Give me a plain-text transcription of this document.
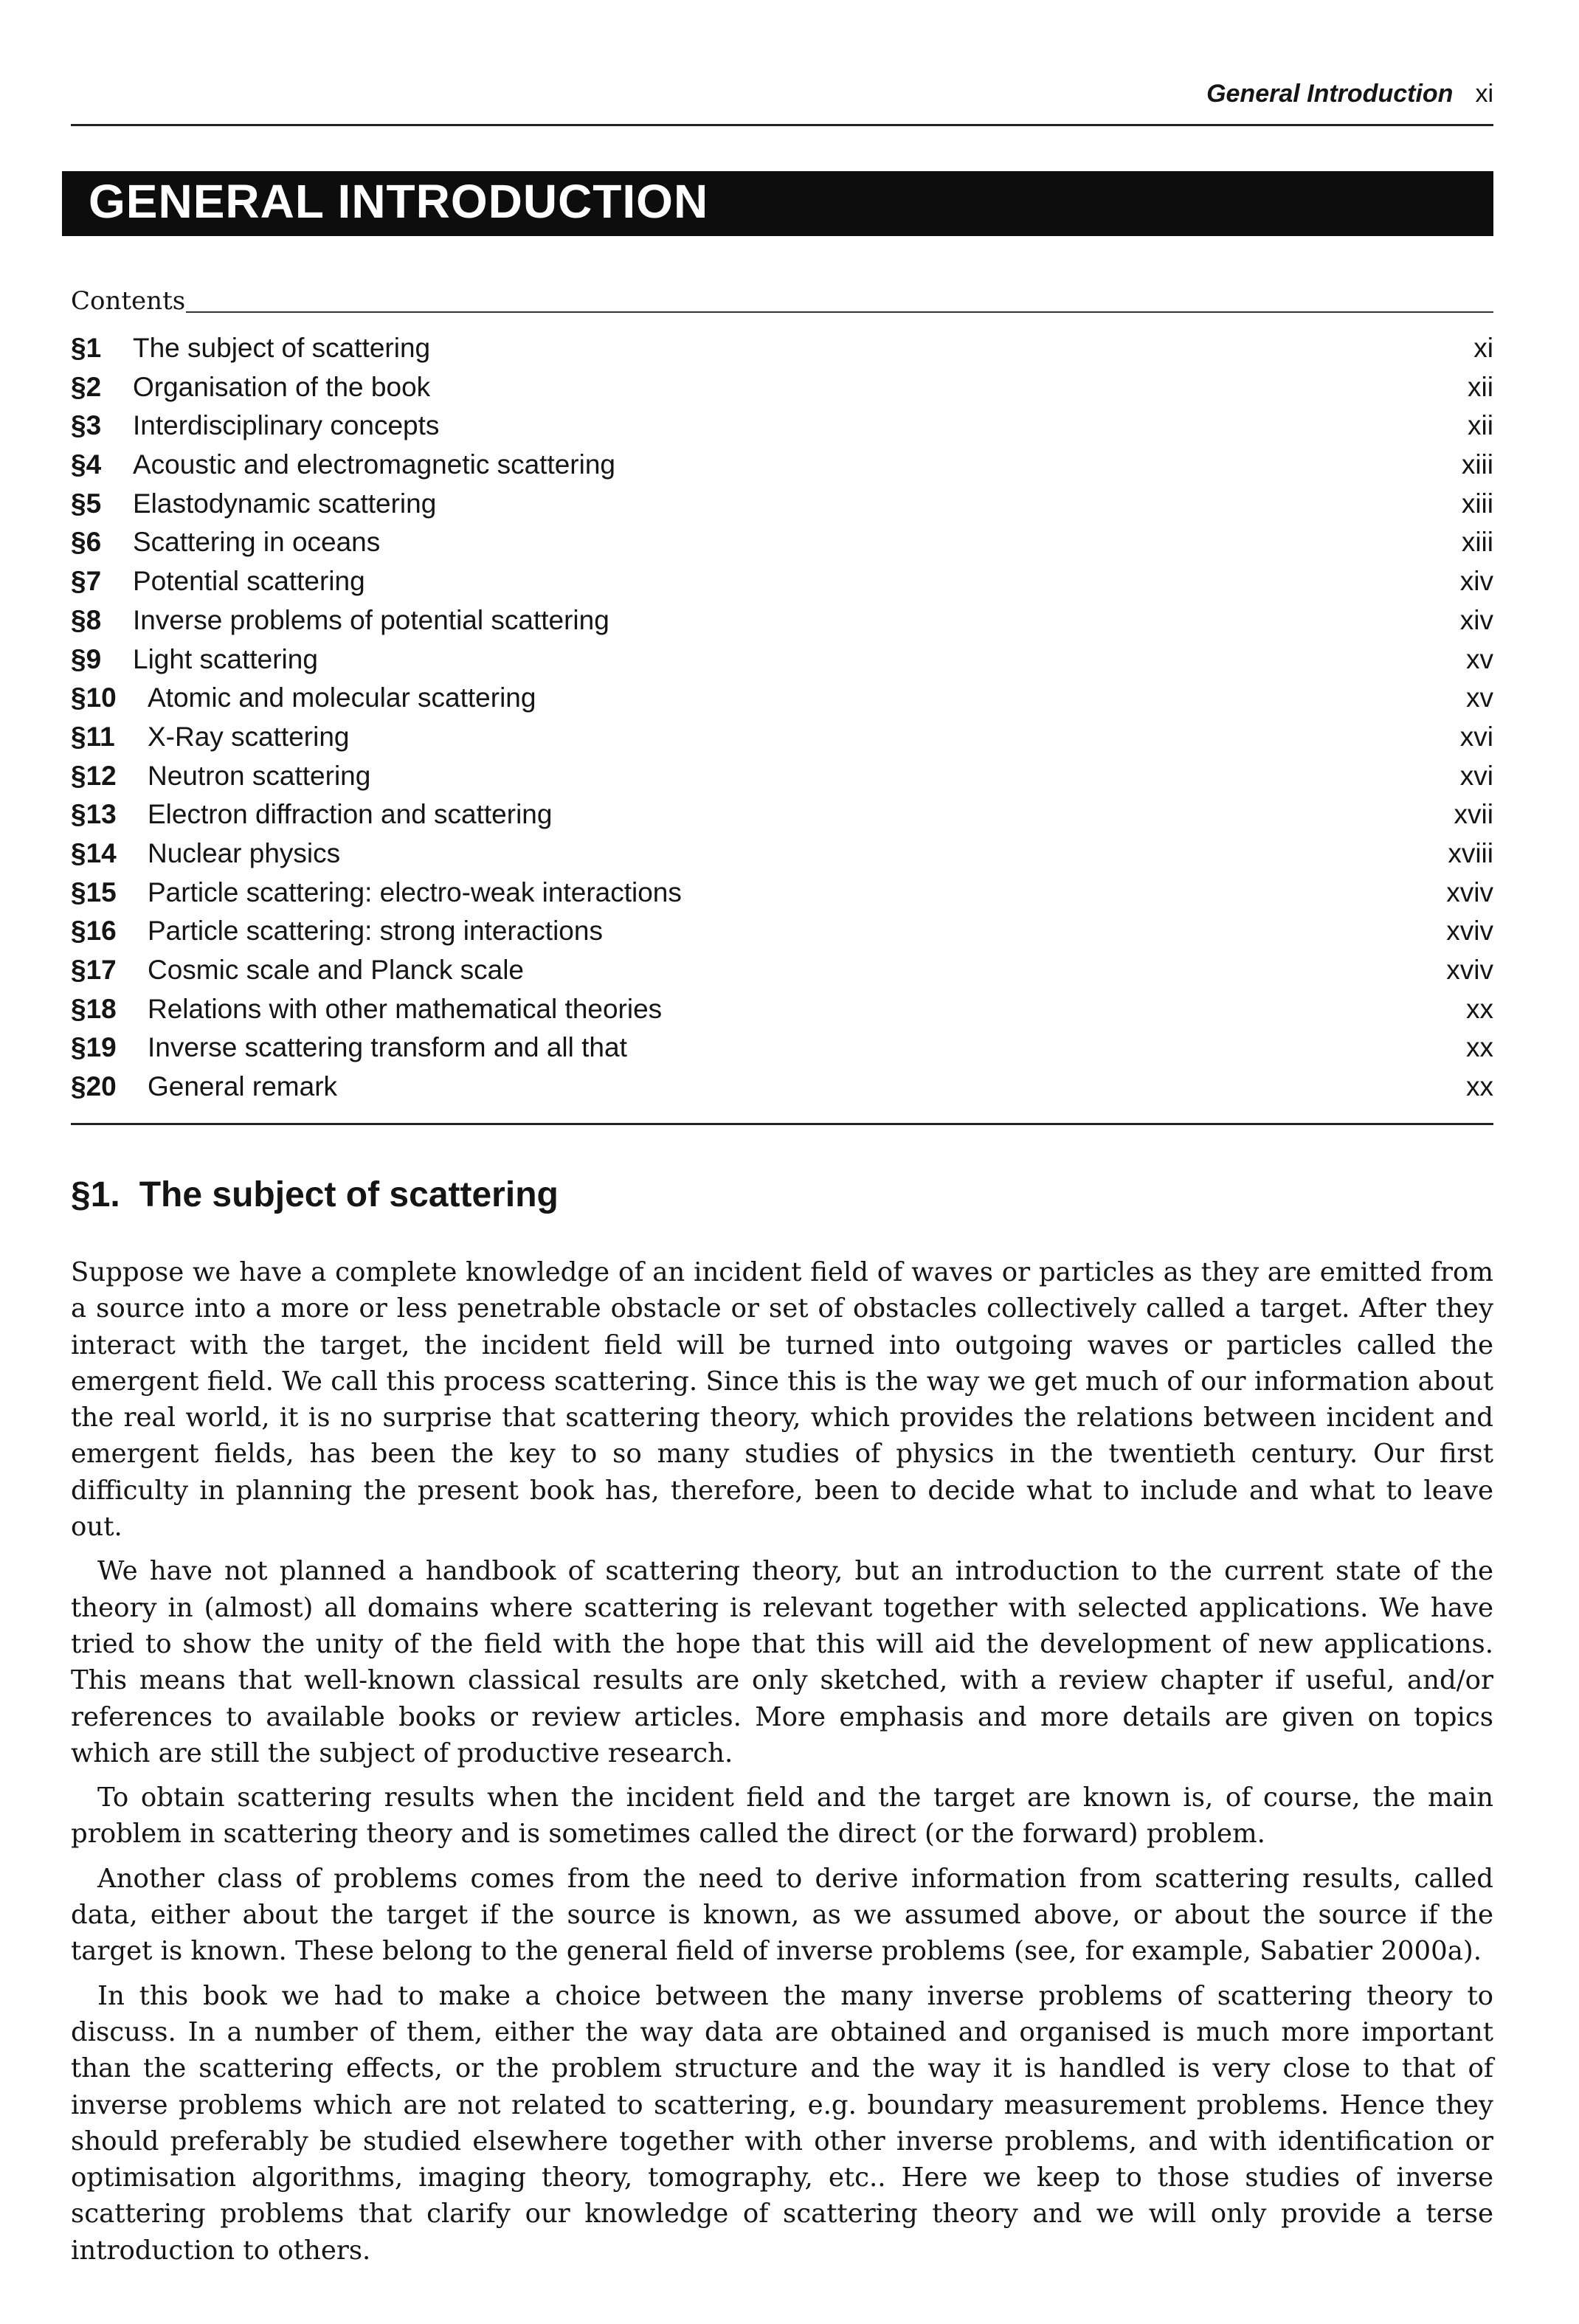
General Introduction xi
GENERAL INTRODUCTION
Contents
§1 The subject of scattering	xi
§2 Organisation of the book	xii
§3 Interdisciplinary concepts	xii
§4 Acoustic and electromagnetic scattering	xiii
§5 Elastodynamic scattering	xiii
§6 Scattering in oceans	xiii
§7 Potential scattering	xiv
§8 Inverse problems of potential scattering	xiv
§9 Light scattering	xv
§10 Atomic and molecular scattering	xv
§11 X-Ray scattering	xvi
§12 Neutron scattering	xvi
§13 Electron diffraction and scattering	xvii
§14 Nuclear physics	xviii
§15 Particle scattering: electro-weak interactions	xviv
§16 Particle scattering: strong interactions	xviv
§17 Cosmic scale and Planck scale	xviv
§18 Relations with other mathematical theories	xx
§19 Inverse scattering transform and all that	xx
§20 General remark	xx
§1. The subject of scattering

Suppose we have a complete knowledge of an incident field of waves or particles as they are emitted from a source into a more or less penetrable obstacle or set of obstacles collectively called a target. After they interact with the target, the incident field will be turned into outgoing waves or particles called the emergent field. We call this process scattering. Since this is the way we get much of our information about the real world, it is no surprise that scattering theory, which provides the relations between incident and emergent fields, has been the key to so many studies of physics in the twentieth century. Our first difficulty in planning the present book has, therefore, been to decide what to include and what to leave out.

We have not planned a handbook of scattering theory, but an introduction to the current state of the theory in (almost) all domains where scattering is relevant together with selected applications. We have tried to show the unity of the field with the hope that this will aid the development of new applications. This means that well-known classical results are only sketched, with a review chapter if useful, and/or references to available books or review articles. More emphasis and more details are given on topics which are still the subject of productive research.

To obtain scattering results when the incident field and the target are known is, of course, the main problem in scattering theory and is sometimes called the direct (or the forward) problem.

Another class of problems comes from the need to derive information from scattering results, called data, either about the target if the source is known, as we assumed above, or about the source if the target is known. These belong to the general field of inverse problems (see, for example, Sabatier 2000a).

In this book we had to make a choice between the many inverse problems of scattering theory to discuss. In a number of them, either the way data are obtained and organised is much more important than the scattering effects, or the problem structure and the way it is handled is very close to that of inverse problems which are not related to scattering, e.g. boundary measurement problems. Hence they should preferably be studied elsewhere together with other inverse problems, and with identification or optimisation algorithms, imaging theory, tomography, etc.. Here we keep to those studies of inverse scattering problems that clarify our knowledge of scattering theory and we will only provide a terse introduction to others.
